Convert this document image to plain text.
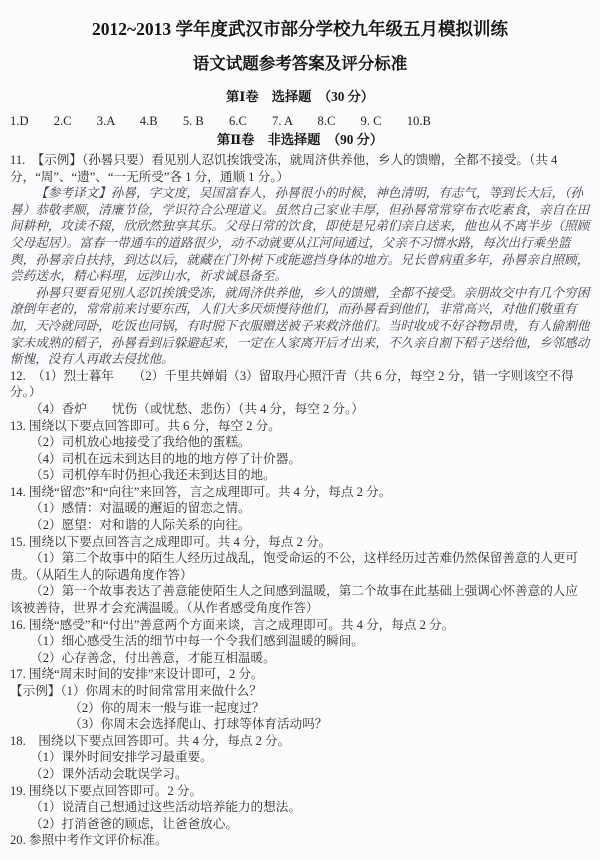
2012~2013 学年度武汉市部分学校九年级五月模拟训练
语文试题参考答案及评分标准
第Ⅰ卷　选择题　（30 分）
1.D　　2.C　　3.A　　4.B　　5. B　　6.C　　7. A　　8.C　　9. C　　10.B
第Ⅱ卷　非选择题　（90 分）
11.　【示例】（孙晷只要）看见别人忍饥挨饿受冻，就周济供养他，乡人的馈赠，全都不接受。（共 4 分，“周”、“遗”、“一无所受”各 1 分，通顺 1 分。）
【参考译文】孙晷，字文度，吴国富春人，孙晷很小的时候，神色清明，有志气，等到长大后，（孙晷）恭敬孝顺，清廉节俭，学识符合公理道义。虽然自己家业丰厚，但孙晷常常穿布衣吃素食，亲自在田间耕种，攻读不辍，欣欣然独享其乐。父母日常的饮食，即使是兄弟们亲自送来，他也从不离半步（照顾父母起居）。富春一带通车的道路很少，动不动就要从江河间通过，父亲不习惯水路，每次出行乘坐篮舆，孙晷亲自扶持，到达以后，就藏在门外树下或能遮挡身体的地方。兄长曾病重多年，孙晷亲自照顾，尝药送水，精心料理，远涉山水，祈求诚恳备至。
孙晷只要看见别人忍饥挨饿受冻，就周济供养他，乡人的馈赠，全都不接受。亲朋故交中有几个穷困潦倒年老的，常常前来讨要东西，人们大多厌烦慢待他们，而孙晷看到他们，非常高兴，对他们敬重有加，天冷就同卧，吃饭也同锅，有时脱下衣服赠送被子来救济他们。当时收成不好谷物昂贵，有人偷割他家未成熟的稻子，孙晷看到后躲避起来，一定在人家离开后才出来，不久亲自割下稻子送给他，乡邻感动惭愧，没有人再敢去侵扰他。
12.　（1）烈士暮年　　（2）千里共婵娟（3）留取丹心照汗青（共 6 分，每空 2 分，错一字则该空不得分。）
（4）香炉　　忧伤（或忧愁、悲伤）（共 4 分，每空 2 分。）
13. 围绕以下要点回答即可。共 6 分，每空 2 分。
（2）司机放心地接受了我给他的蛋糕。
（4）司机在远未到达目的地的地方停了计价器。
（5）司机停车时仍担心我还未到达目的地。
14. 围绕“留恋”和“向往”来回答，言之成理即可。共 4 分，每点 2 分。
（1）感情：对温暖的邂逅的留恋之情。
（2）愿望：对和谐的人际关系的向往。
15. 围绕以下要点回答言之成理即可。共 4 分，每点 2 分。
（1）第二个故事中的陌生人经历过战乱，饱受命运的不公，这样经历过苦难仍然保留善意的人更可贵。（从陌生人的际遇角度作答）
（2）第一个故事表达了善意能使陌生人之间感到温暖，第二个故事在此基础上强调心怀善意的人应该被善待，世界才会充满温暖。（从作者感受角度作答）
16. 围绕“感受”和“付出”善意两个方面来谈，言之成理即可。共 4 分，每点 2 分。
（1）细心感受生活的细节中每一个令我们感到温暖的瞬间。
（2）心存善念，付出善意，才能互相温暖。
17. 围绕“周末时间的安排”来设计即可，2 分。
【示例】（1）你周末的时间常常用来做什么？
（2）你的周末一般与谁一起度过？
（3）你周末会选择爬山、打球等体育活动吗？
18.　围绕以下要点回答即可。共 4 分，每点 2 分。
（1）课外时间安排学习最重要。
（2）课外活动会耽误学习。
19. 围绕以下要点回答即可。2 分。
（1）说清自己想通过这些活动培养能力的想法。
（2）打消爸爸的顾虑，让爸爸放心。
20. 参照中考作文评价标准。
